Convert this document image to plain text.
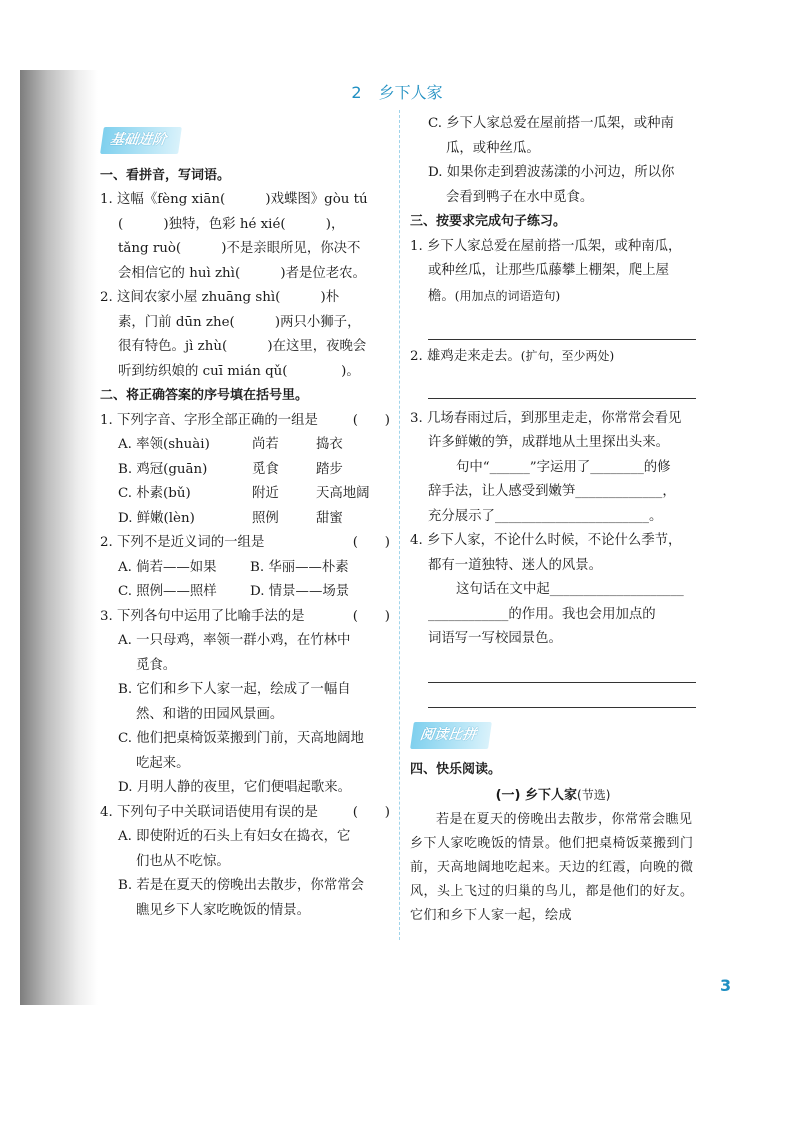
2 乡下人家
基础进阶
一、看拼音，写词语。
1. 这幅《fèng xiān(　　　)戏蝶图》gòu tú
(　　　)独特，色彩 hé xié(　　　)，
tǎng ruò(　　　)不是亲眼所见，你决不
会相信它的 huì zhì(　　　)者是位老农。
2. 这间农家小屋 zhuāng shì(　　　)朴
素，门前 dūn zhe(　　　)两只小狮子，
很有特色。jì zhù(　　　)在这里，夜晚会
听到纺织娘的 cuī mián qǔ(　　　　)。
二、将正确答案的序号填在括号里。
1. 下列字音、字形全部正确的一组是	(　　)
A. 率领(shuài)	尚若	捣衣
B. 鸡冠(guān)	觅食	踏步
C. 朴素(bǔ)	附近	天高地阔
D. 鲜嫩(lèn)	照例	甜蜜
2. 下列不是近义词的一组是	(　　)
A. 倘若——如果	B. 华丽——朴素
C. 照例——照样	D. 情景——场景
3. 下列各句中运用了比喻手法的是	(　　)
A. 一只母鸡，率领一群小鸡，在竹林中
觅食。
B. 它们和乡下人家一起，绘成了一幅自
然、和谐的田园风景画。
C. 他们把桌椅饭菜搬到门前，天高地阔地
吃起来。
D. 月明人静的夜里，它们便唱起歌来。
4. 下列句子中关联词语使用有误的是	(　　)
A. 即使附近的石头上有妇女在捣衣，它
们也从不吃惊。
B. 若是在夏天的傍晚出去散步，你常常会
瞧见乡下人家吃晚饭的情景。
C. 乡下人家总爱在屋前搭一瓜架，或种南
瓜，或种丝瓜。
D. 如果你走到碧波荡漾的小河边，所以你
会看到鸭子在水中觅食。
三、按要求完成句子练习。
1. 乡下人家总爱在屋前搭一瓜架，或种南瓜，
或种丝瓜，让那些瓜藤攀上棚架，爬上屋
檐。(用加点的词语造句)
2. 雄鸡走来走去。(扩句，至少两处)
3. 几场春雨过后，到那里走走，你常常会看见
许多鲜嫩的笋，成群地从土里探出头来。
句中“______”字运用了________的修
辞手法，让人感受到嫩笋_____________，
充分展示了_______________________。
4. 乡下人家，不论什么时候，不论什么季节，
都有一道独特、迷人的风景。
这句话在文中起____________________
____________的作用。我也会用加点的
词语写一写校园景色。
阅读比拼
四、快乐阅读。
(一) 乡下人家(节选)
若是在夏天的傍晚出去散步，你常常会瞧见乡下人家吃晚饭的情景。他们把桌椅饭菜搬到门前，天高地阔地吃起来。天边的红霞，向晚的微风，头上飞过的归巢的鸟儿，都是他们的好友。它们和乡下人家一起，绘成
3
